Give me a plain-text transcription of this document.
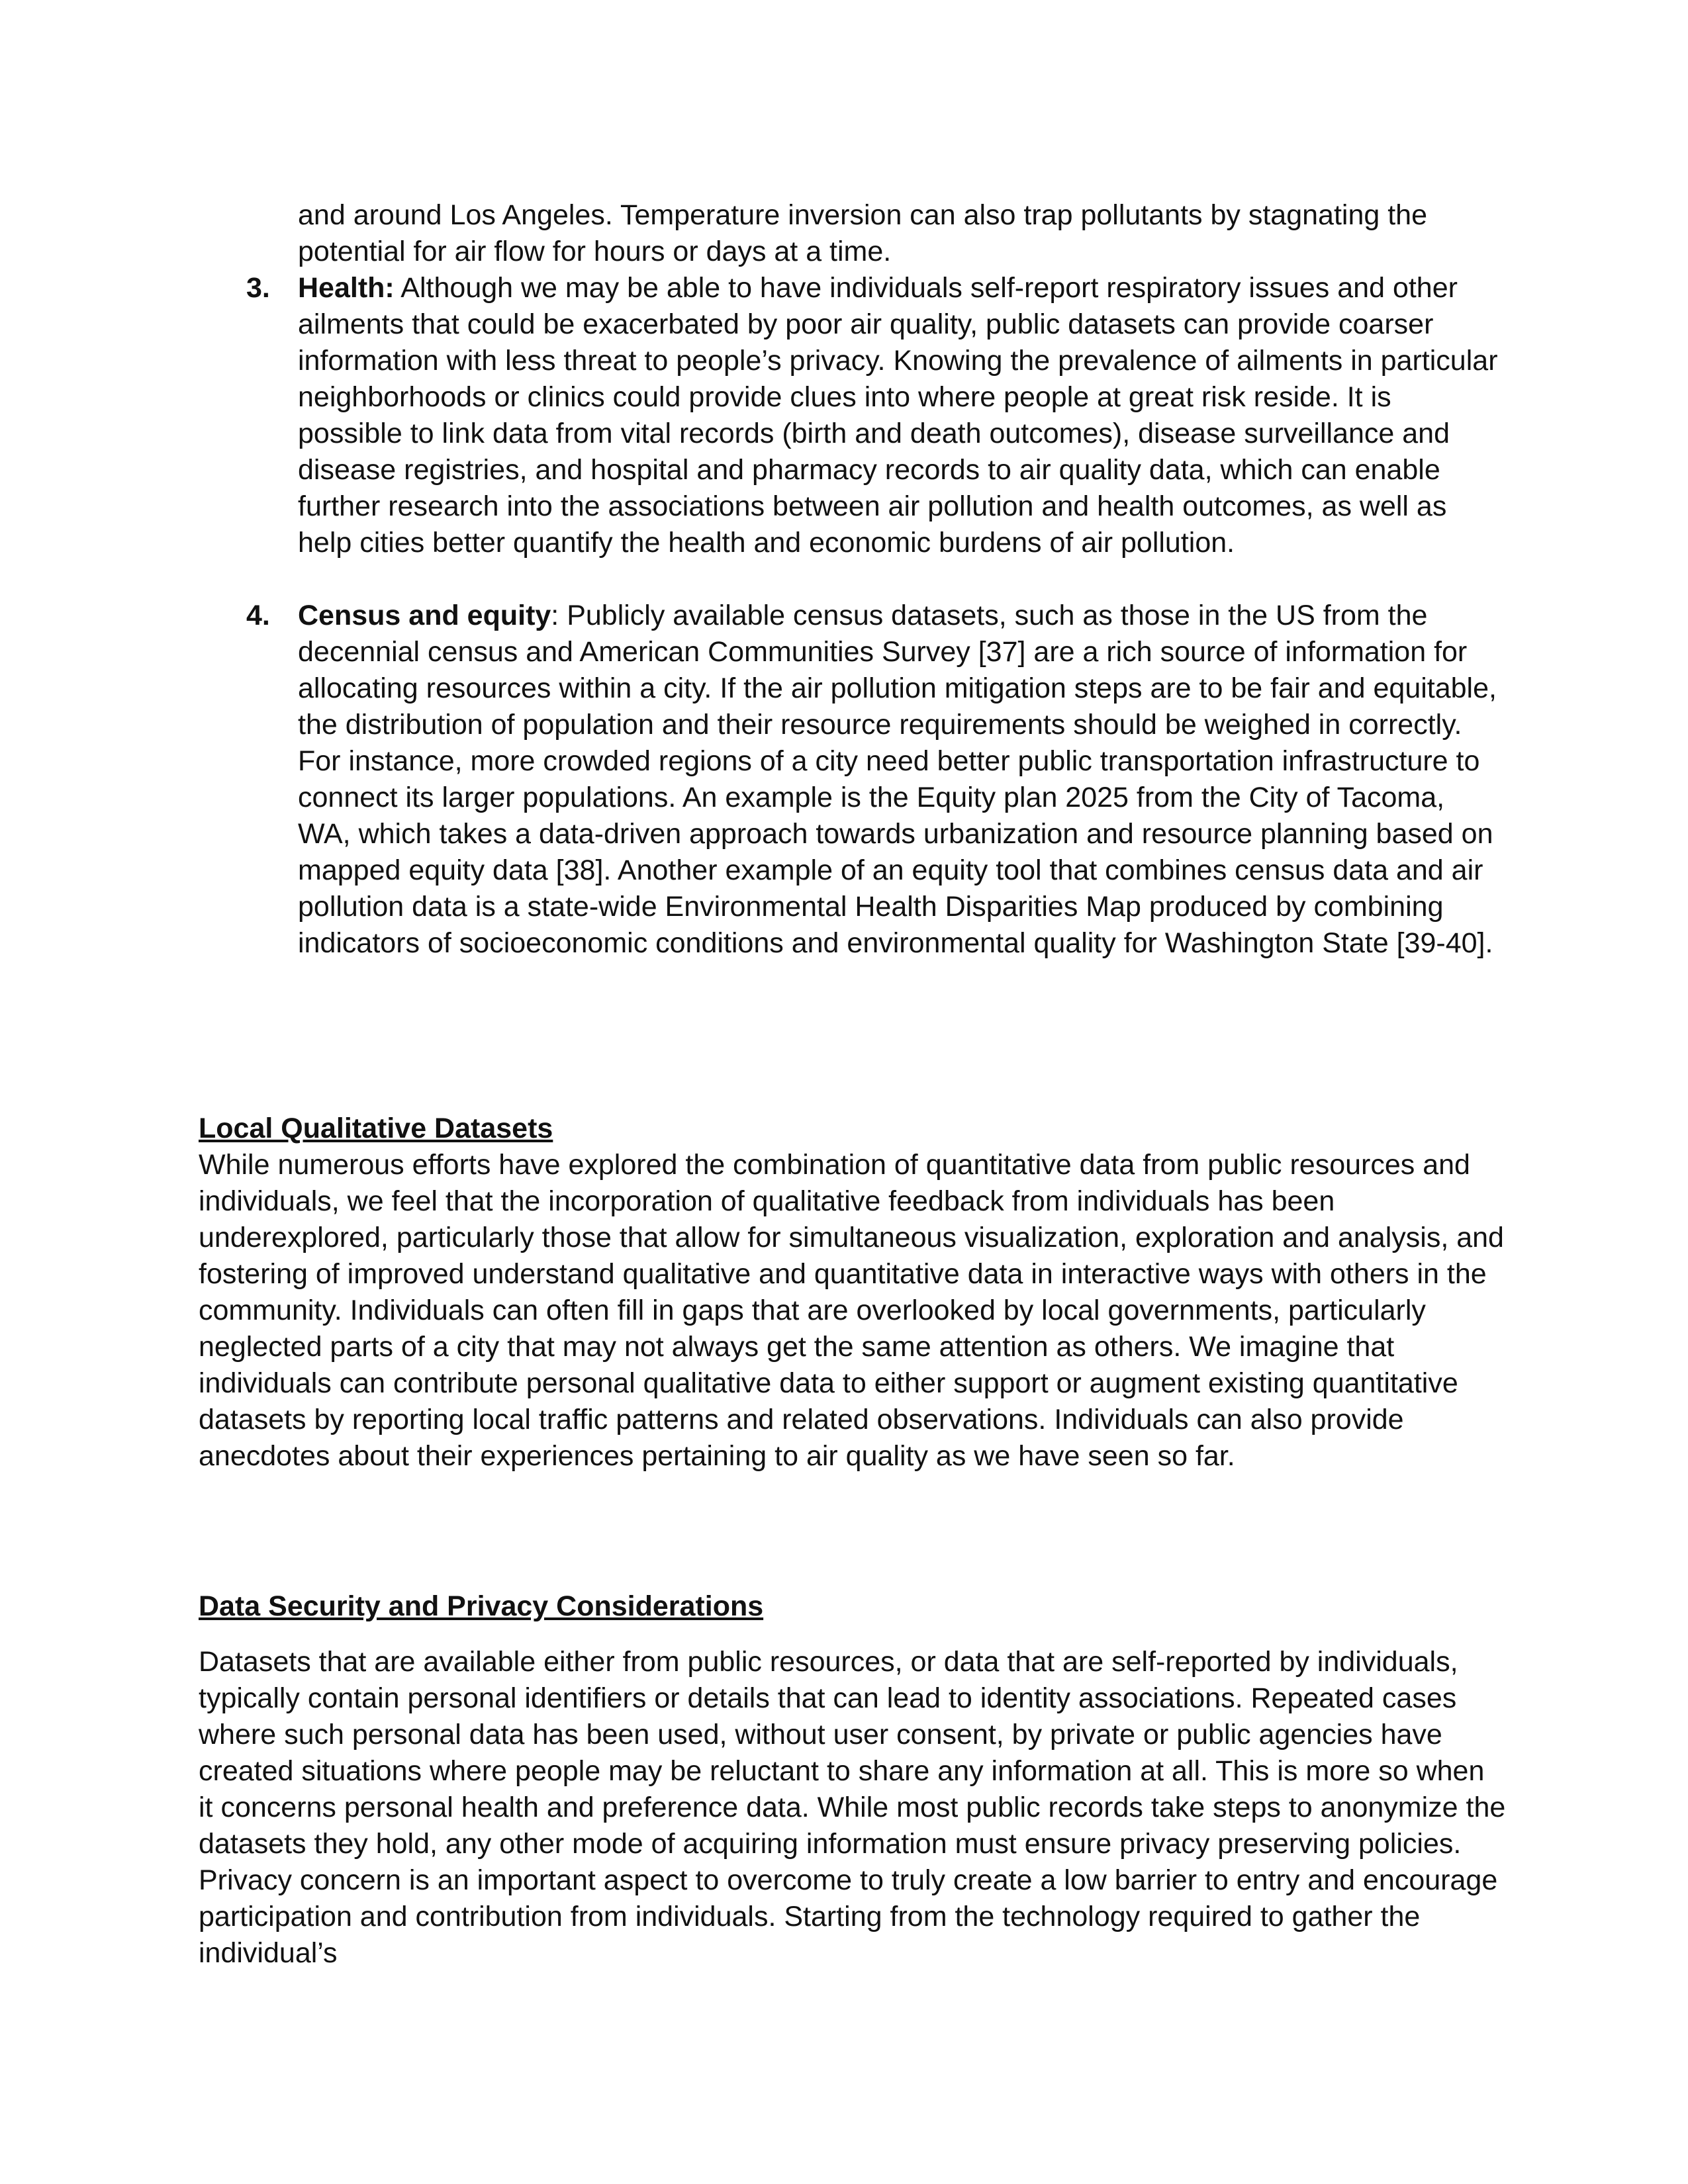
and around Los Angeles. Temperature inversion can also trap pollutants by stagnating the potential for air flow for hours or days at a time.
3. Health: Although we may be able to have individuals self-report respiratory issues and other ailments that could be exacerbated by poor air quality, public datasets can provide coarser information with less threat to people’s privacy. Knowing the prevalence of ailments in particular neighborhoods or clinics could provide clues into where people at great risk reside. It is possible to link data from vital records (birth and death outcomes), disease surveillance and disease registries, and hospital and pharmacy records to air quality data, which can enable further research into the associations between air pollution and health outcomes, as well as help cities better quantify the health and economic burdens of air pollution.
4. Census and equity: Publicly available census datasets, such as those in the US from the decennial census and American Communities Survey [37] are a rich source of information for allocating resources within a city. If the air pollution mitigation steps are to be fair and equitable, the distribution of population and their resource requirements should be weighed in correctly. For instance, more crowded regions of a city need better public transportation infrastructure to connect its larger populations. An example is the Equity plan 2025 from the City of Tacoma, WA, which takes a data-driven approach towards urbanization and resource planning based on mapped equity data [38]. Another example of an equity tool that combines census data and air pollution data is a state-wide Environmental Health Disparities Map produced by combining indicators of socioeconomic conditions and environmental quality for Washington State [39-40].
Local Qualitative Datasets
While numerous efforts have explored the combination of quantitative data from public resources and individuals, we feel that the incorporation of qualitative feedback from individuals has been underexplored, particularly those that allow for simultaneous visualization, exploration and analysis, and fostering of improved understand qualitative and quantitative data in interactive ways with others in the community. Individuals can often fill in gaps that are overlooked by local governments, particularly neglected parts of a city that may not always get the same attention as others. We imagine that individuals can contribute personal qualitative data to either support or augment existing quantitative datasets by reporting local traffic patterns and related observations. Individuals can also provide anecdotes about their experiences pertaining to air quality as we have seen so far.
Data Security and Privacy Considerations
Datasets that are available either from public resources, or data that are self-reported by individuals, typically contain personal identifiers or details that can lead to identity associations. Repeated cases where such personal data has been used, without user consent, by private or public agencies have created situations where people may be reluctant to share any information at all. This is more so when it concerns personal health and preference data. While most public records take steps to anonymize the datasets they hold, any other mode of acquiring information must ensure privacy preserving policies. Privacy concern is an important aspect to overcome to truly create a low barrier to entry and encourage participation and contribution from individuals. Starting from the technology required to gather the individual’s
